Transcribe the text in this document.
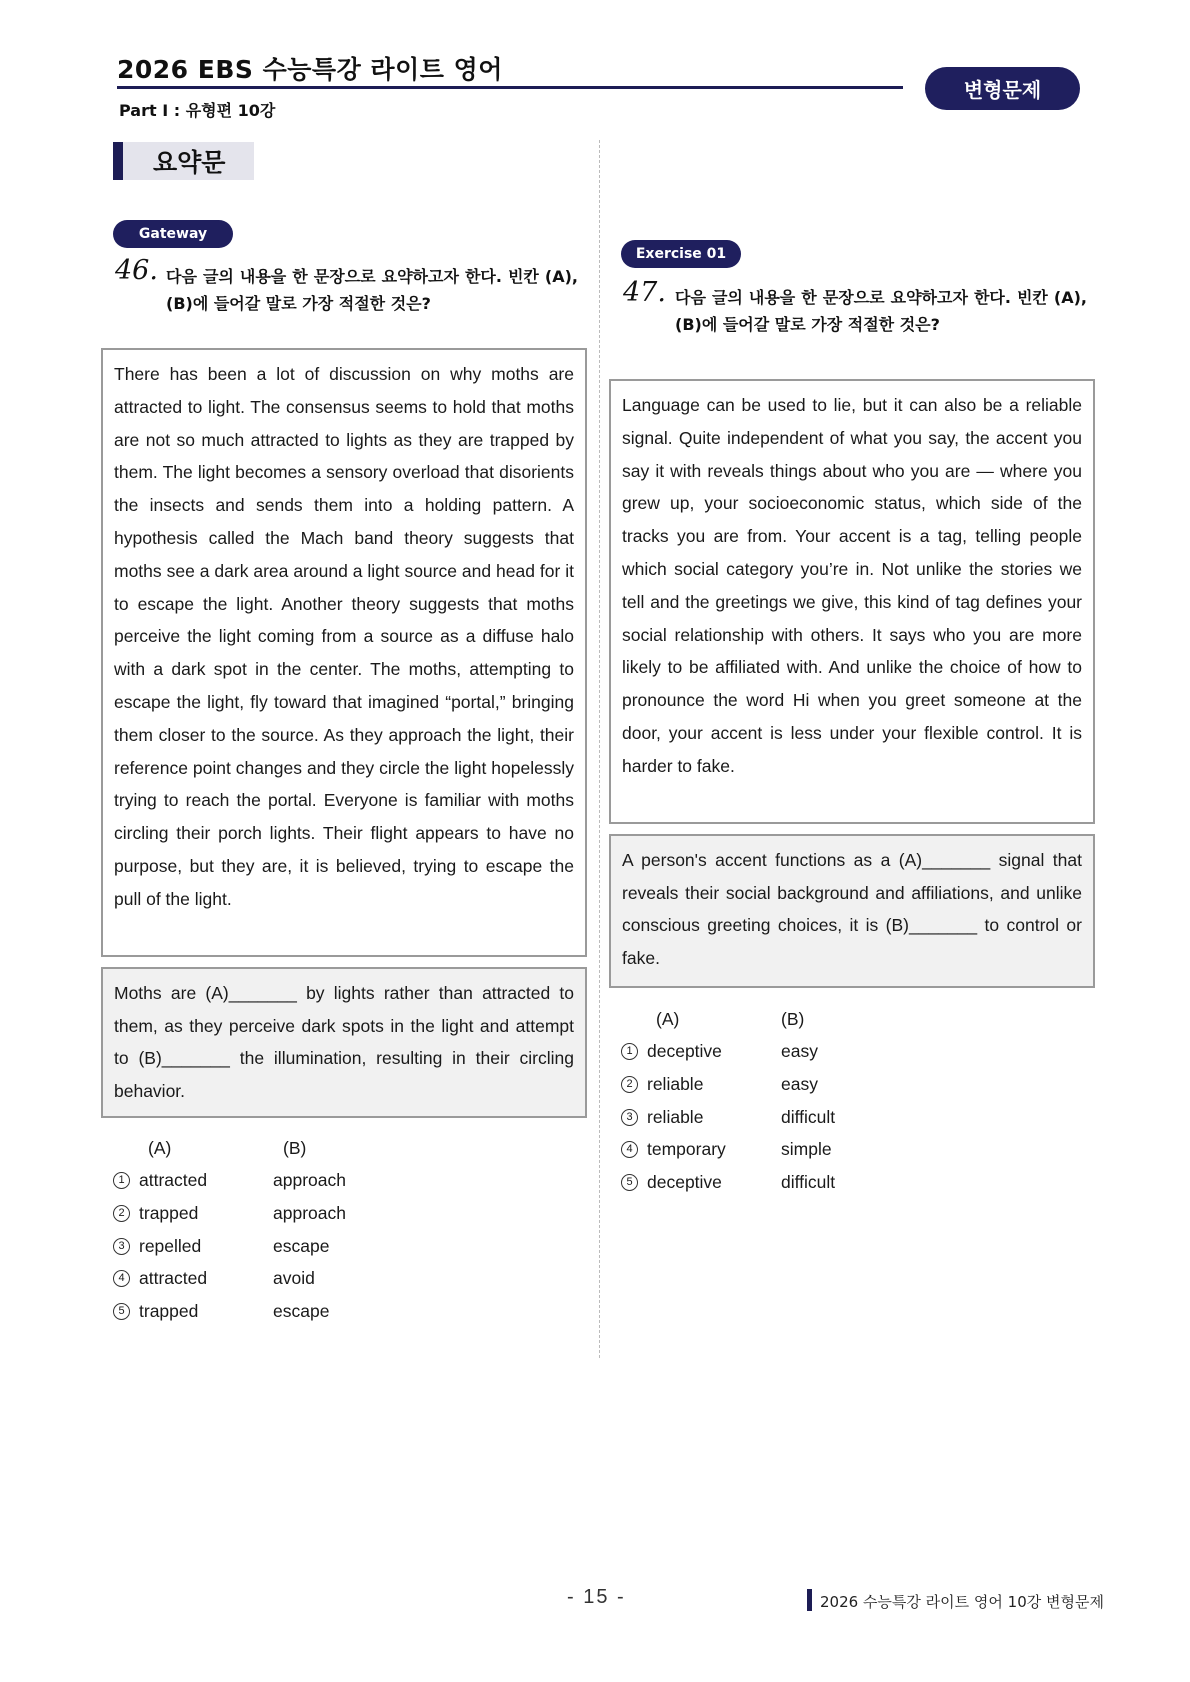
2026 EBS 수능특강 라이트 영어
Part Ⅰ : 유형편 10강
변형문제
요약문
Gateway
46. 다음 글의 내용을 한 문장으로 요약하고자 한다. 빈칸 (A), (B)에 들어갈 말로 가장 적절한 것은?

There has been a lot of discussion on why moths are attracted to light. The consensus seems to hold that moths are not so much attracted to lights as they are trapped by them. The light becomes a sensory overload that disorients the insects and sends them into a holding pattern. A hypothesis called the Mach band theory suggests that moths see a dark area around a light source and head for it to escape the light. Another theory suggests that moths perceive the light coming from a source as a diffuse halo with a dark spot in the center. The moths, attempting to escape the light, fly toward that imagined “portal,” bringing them closer to the source. As they approach the light, their reference point changes and they circle the light hopelessly trying to reach the portal. Everyone is familiar with moths circling their porch lights. Their flight appears to have no purpose, but they are, it is believed, trying to escape the pull of the light.

Moths are (A)_______ by lights rather than attracted to them, as they perceive dark spots in the light and attempt to (B)_______ the illumination, resulting in their circling behavior.

(A)	(B)
1 attracted	approach
2 trapped	approach
3 repelled	escape
4 attracted	avoid
5 trapped	escape
Exercise 01
47. 다음 글의 내용을 한 문장으로 요약하고자 한다. 빈칸 (A), (B)에 들어갈 말로 가장 적절한 것은?

Language can be used to lie, but it can also be a reliable signal. Quite independent of what you say, the accent you say it with reveals things about who you are — where you grew up, your socioeconomic status, which side of the tracks you are from. Your accent is a tag, telling people which social category you’re in. Not unlike the stories we tell and the greetings we give, this kind of tag defines your social relationship with others. It says who you are more likely to be affiliated with. And unlike the choice of how to pronounce the word Hi when you greet someone at the door, your accent is less under your flexible control. It is harder to fake.

A person's accent functions as a (A)_______ signal that reveals their social background and affiliations, and unlike conscious greeting choices, it is (B)_______ to control or fake.

(A)	(B)
1 deceptive	easy
2 reliable	easy
3 reliable	difficult
4 temporary	simple
5 deceptive	difficult
- 15 -	2026 수능특강 라이트 영어 10강 변형문제
